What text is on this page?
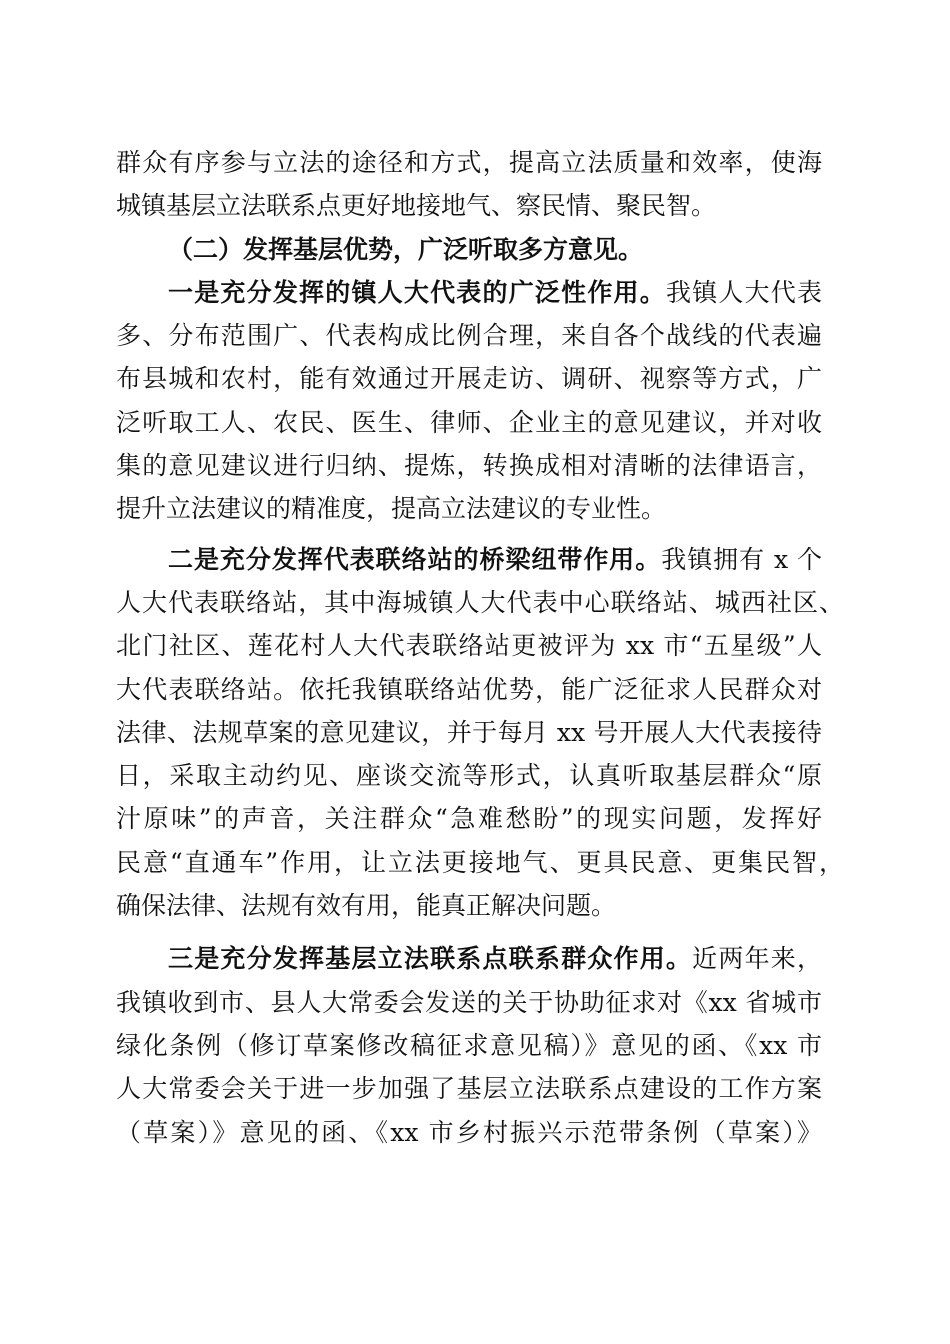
群众有序参与立法的途径和方式，提高立法质量和效率，使海
城镇基层立法联系点更好地接地气、察民情、聚民智。
（二）发挥基层优势，广泛听取多方意见。
一是充分发挥的镇人大代表的广泛性作用。我镇人大代表
多、分布范围广、代表构成比例合理，来自各个战线的代表遍
布县城和农村，能有效通过开展走访、调研、视察等方式，广
泛听取工人、农民、医生、律师、企业主的意见建议，并对收
集的意见建议进行归纳、提炼，转换成相对清晰的法律语言，
提升立法建议的精准度，提高立法建议的专业性。
二是充分发挥代表联络站的桥梁纽带作用。我镇拥有 x 个
人大代表联络站，其中海城镇人大代表中心联络站、城西社区、
北门社区、莲花村人大代表联络站更被评为 xx 市“五星级”人
大代表联络站。依托我镇联络站优势，能广泛征求人民群众对
法律、法规草案的意见建议，并于每月 xx 号开展人大代表接待
日，采取主动约见、座谈交流等形式，认真听取基层群众“原
汁原味”的声音，关注群众“急难愁盼”的现实问题，发挥好
民意“直通车”作用，让立法更接地气、更具民意、更集民智，
确保法律、法规有效有用，能真正解决问题。
三是充分发挥基层立法联系点联系群众作用。近两年来，
我镇收到市、县人大常委会发送的关于协助征求对《xx 省城市
绿化条例（修订草案修改稿征求意见稿）》意见的函、《xx 市
人大常委会关于进一步加强了基层立法联系点建设的工作方案
（草案）》意见的函、《xx 市乡村振兴示范带条例（草案）》
